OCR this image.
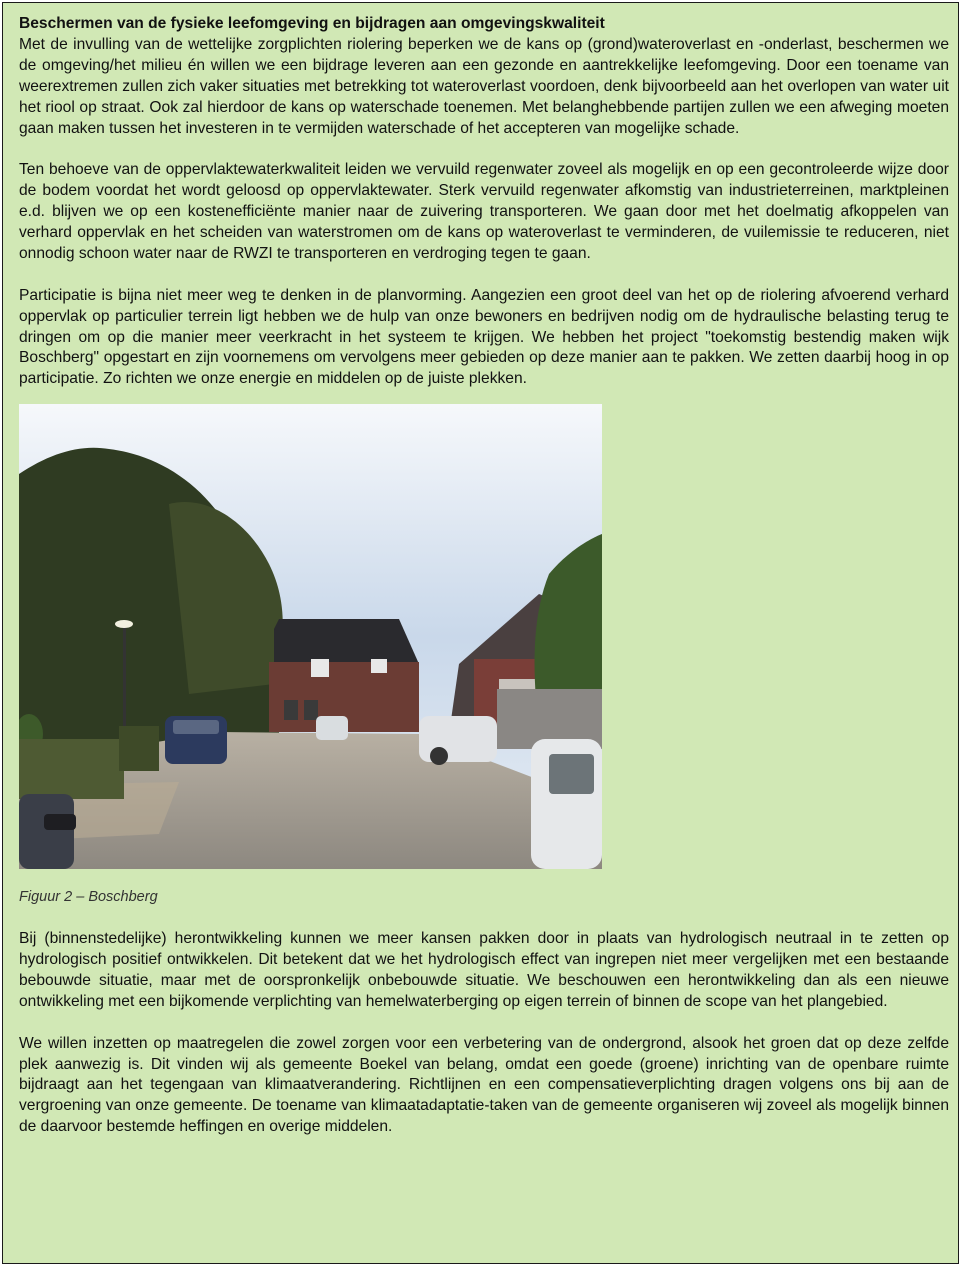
Beschermen van de fysieke leefomgeving en bijdragen aan omgevingskwaliteit

Met de invulling van de wettelijke zorgplichten riolering beperken we de kans op (grond)wateroverlast en -onderlast, beschermen we de omgeving/het milieu én willen we een bijdrage leveren aan een gezonde en aantrekkelijke leefomgeving. Door een toename van weerextremen zullen zich vaker situaties met betrekking tot wateroverlast voordoen, denk bijvoorbeeld aan het overlopen van water uit het riool op straat. Ook zal hierdoor de kans op waterschade toenemen. Met belanghebbende partijen zullen we een afweging moeten gaan maken tussen het investeren in te vermijden waterschade of het accepteren van mogelijke schade.

Ten behoeve van de oppervlaktewaterkwaliteit leiden we vervuild regenwater zoveel als mogelijk en op een gecontroleerde wijze door de bodem voordat het wordt geloosd op oppervlaktewater. Sterk vervuild regenwater afkomstig van industrieterreinen, marktpleinen e.d. blijven we op een kostenefficiënte manier naar de zuivering transporteren. We gaan door met het doelmatig afkoppelen van verhard oppervlak en het scheiden van waterstromen om de kans op wateroverlast te verminderen, de vuilemissie te reduceren, niet onnodig schoon water naar de RWZI te transporteren en verdroging tegen te gaan.

Participatie is bijna niet meer weg te denken in de planvorming. Aangezien een groot deel van het op de riolering afvoerend verhard oppervlak op particulier terrein ligt hebben we de hulp van onze bewoners en bedrijven nodig om de hydraulische belasting terug te dringen om op die manier meer veerkracht in het systeem te krijgen. We hebben het project "toekomstig bestendig maken wijk Boschberg" opgestart en zijn voornemens om vervolgens meer gebieden op deze manier aan te pakken. We zetten daarbij hoog in op participatie. Zo richten we onze energie en middelen op de juiste plekken.

Figuur 2 – Boschberg

Bij (binnenstedelijke) herontwikkeling kunnen we meer kansen pakken door in plaats van hydrologisch neutraal in te zetten op hydrologisch positief ontwikkelen. Dit betekent dat we het hydrologisch effect van ingrepen niet meer vergelijken met een bestaande bebouwde situatie, maar met de oorspronkelijk onbebouwde situatie. We beschouwen een herontwikkeling dan als een nieuwe ontwikkeling met een bijkomende verplichting van hemelwaterberging op eigen terrein of binnen de scope van het plangebied.

We willen inzetten op maatregelen die zowel zorgen voor een verbetering van de ondergrond, alsook het groen dat op deze zelfde plek aanwezig is. Dit vinden wij als gemeente Boekel van belang, omdat een goede (groene) inrichting van de openbare ruimte bijdraagt aan het tegengaan van klimaatverandering. Richtlijnen en een compensatieverplichting dragen volgens ons bij aan de vergroening van onze gemeente. De toename van klimaatadaptatie-taken van de gemeente organiseren wij zoveel als mogelijk binnen de daarvoor bestemde heffingen en overige middelen.
